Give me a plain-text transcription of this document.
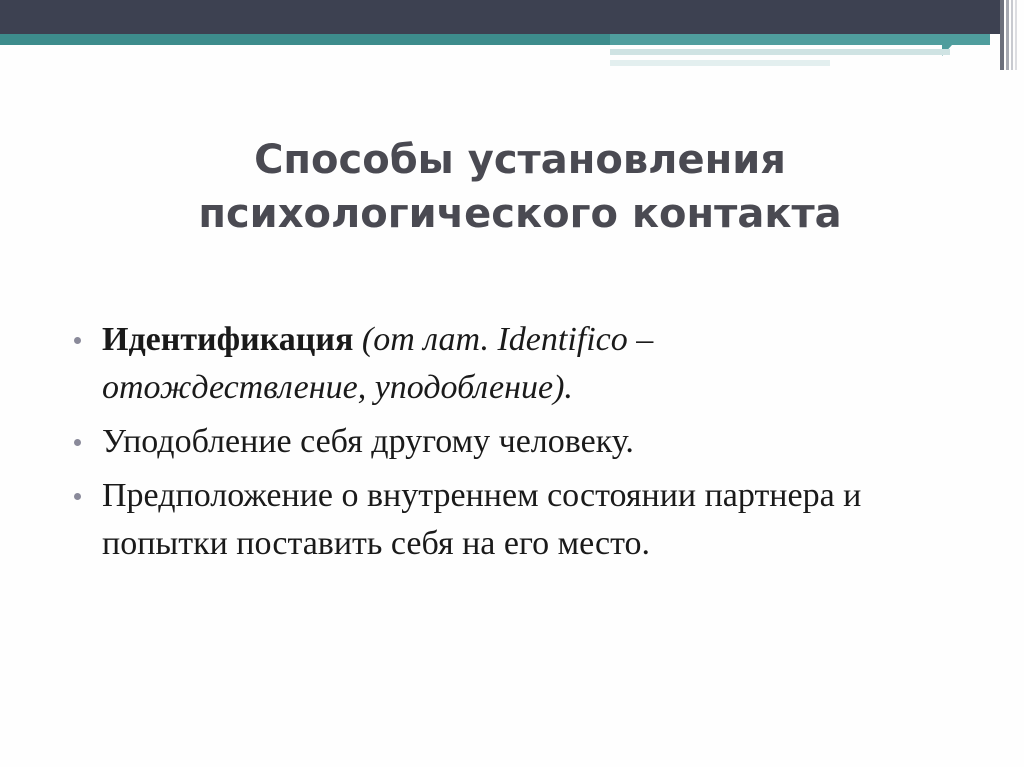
Способы установления
психологического контакта
Идентификация (от лат. Identifico – отождествление, уподобление).
Уподобление себя другому человеку.
Предположение о внутреннем состоянии партнера и попытки поставить себя на его место.
